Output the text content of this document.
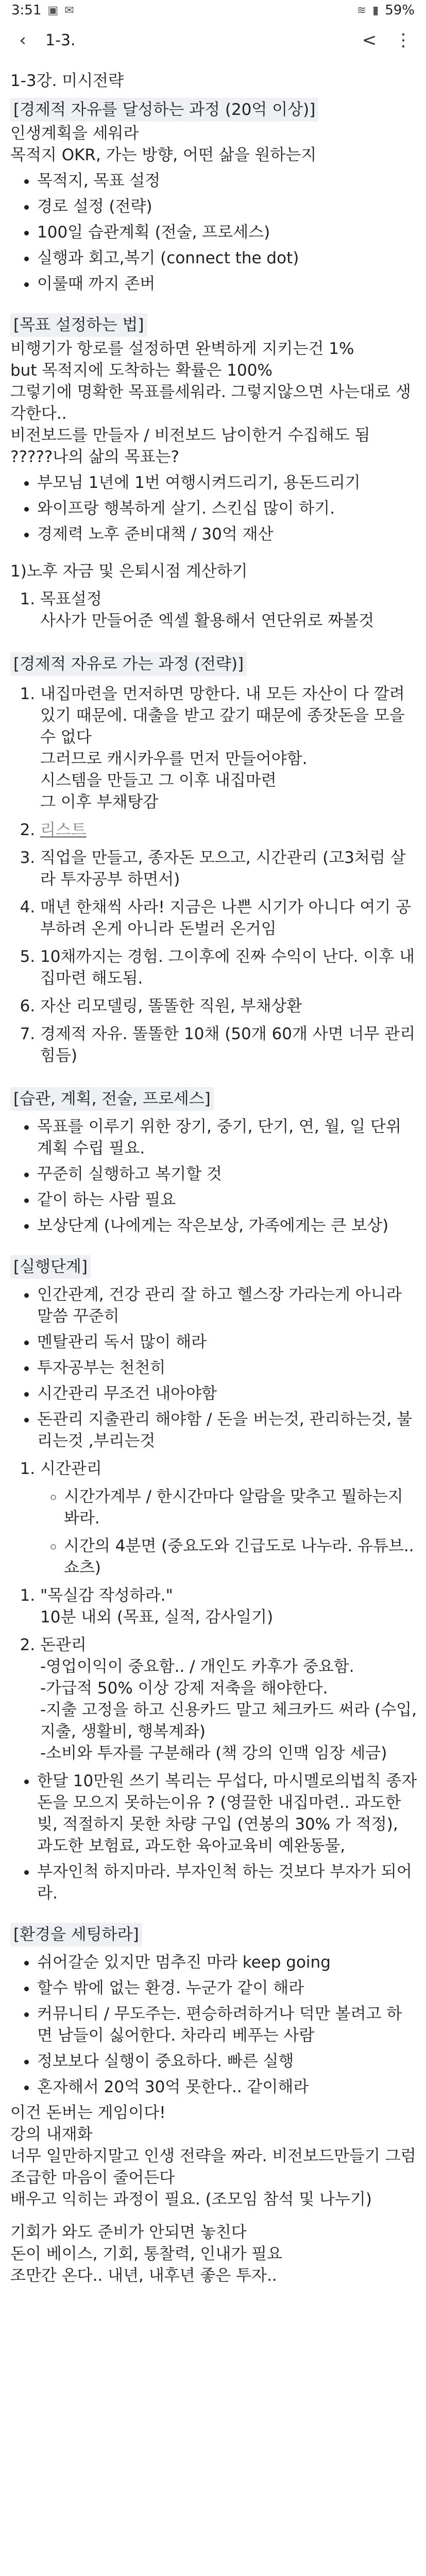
3:51 ▣ ✉	≋ ▮ 59%
‹	1-3.	<	⋮

1-3강. 미시전략

[경제적 자유를 달성하는 과정 (20억 이상)]

인생계획을 세워라

목적지 OKR, 가는 방향, 어떤 삶을 원하는지

• 목적지, 목표 설정
• 경로 설정 (전략)
• 100일 습관계획 (전술, 프로세스)
• 실행과 회고,복기 (connect the dot)
• 이룰때 까지 존버

[목표 설정하는 법]

비행기가 항로를 설정하면 완벽하게 지키는건 1%

but 목적지에 도착하는 확률은 100%

그렇기에 명확한 목표를세워라. 그렇지않으면 사는대로 생각한다..

비전보드를 만들자 / 비전보드 남이한거 수집해도 됨 ?????나의 삶의 목표는?

• 부모님 1년에 1번 여행시켜드리기, 용돈드리기
• 와이프랑 행복하게 살기. 스킨십 많이 하기.
• 경제력 노후 준비대책 / 30억 재산

1)노후 자금 및 은퇴시점 계산하기

1. 목표설정
사사가 만들어준 엑셀 활용해서 연단위로 짜볼것

[경제적 자유로 가는 과정 (전략)]

1. 내집마련을 먼저하면 망한다. 내 모든 자산이 다 깔려있기 때문에. 대출을 받고 갚기 때문에 종잣돈을 모을 수 없다
그러므로 캐시카우를 먼저 만들어야함.
시스템을 만들고 그 이후 내집마련
그 이후 부채탕감
2. 리스트
3. 직업을 만들고, 종자돈 모으고, 시간관리 (고3처럼 살라 투자공부 하면서)
4. 매년 한채씩 사라! 지금은 나쁜 시기가 아니다 여기 공부하려 온게 아니라 돈벌러 온거임
5. 10채까지는 경험. 그이후에 진짜 수익이 난다. 이후 내집마련 해도됨.
6. 자산 리모델링, 똘똘한 직원, 부채상환
7. 경제적 자유. 똘똘한 10채 (50개 60개 사면 너무 관리 힘듬)

[습관, 계획, 전술, 프로세스]

• 목표를 이루기 위한 장기, 중기, 단기, 연, 월, 일 단위 계획 수립 필요.
• 꾸준히 실행하고 복기할 것
• 같이 하는 사람 필요
• 보상단계 (나에게는 작은보상, 가족에게는 큰 보상)

[실행단계]

• 인간관계, 건강 관리 잘 하고 헬스장 가라는게 아니라 말씀 꾸준히
• 멘탈관리 독서 많이 해라
• 투자공부는 천천히
• 시간관리 무조건 내아야함
• 돈관리 지출관리 해야함 / 돈을 버는것, 관리하는것, 불리는것 ,부리는것
1. 시간관리
◦ 시간가계부 / 한시간마다 알람을 맞추고 뭘하는지 봐라.
◦ 시간의 4분면 (중요도와 긴급도로 나누라. 유튜브..쇼츠)
1. "목실감 작성하라."
10분 내외 (목표, 실적, 감사일기)
2. 돈관리
-영업이익이 중요함.. / 개인도 카후가 중요함.
-가급적 50% 이상 강제 저축을 해야한다.
-지출 고정을 하고 신용카드 말고 체크카드 써라 (수입, 지출, 생활비, 행복계좌)
-소비와 투자를 구분해라 (책 강의 인맥 임장 세금)
• 한달 10만원 쓰기 복리는 무섭다, 마시멜로의법칙 종자돈을 모으지 못하는이유 ? (영끌한 내집마련.. 과도한 빚, 적절하지 못한 차량 구입 (연봉의 30% 가 적정), 과도한 보험료, 과도한 육아교육비 예완동물,
• 부자인척 하지마라. 부자인척 하는 것보다 부자가 되어라.

[환경을 세팅하라]

• 쉬어갈순 있지만 멈추진 마라 keep going
• 할수 밖에 없는 환경. 누군가 같이 해라
• 커뮤니티 / 무도주는. 편승하려하거나 덕만 볼려고 하면 남들이 싫어한다. 차라리 베푸는 사람
• 정보보다 실행이 중요하다. 빠른 실행
• 혼자해서 20억 30억 못한다.. 같이해라

이건 돈버는 게임이다!

강의 내재화

너무 일만하지말고 인생 전략을 짜라. 비전보드만들기 그럼 조급한 마음이 줄어든다

배우고 익히는 과정이 필요. (조모임 참석 및 나누기)

기회가 와도 준비가 안되면 놓친다

돈이 베이스, 기회, 통찰력, 인내가 필요

조만간 온다.. 내년, 내후년 좋은 투자..
